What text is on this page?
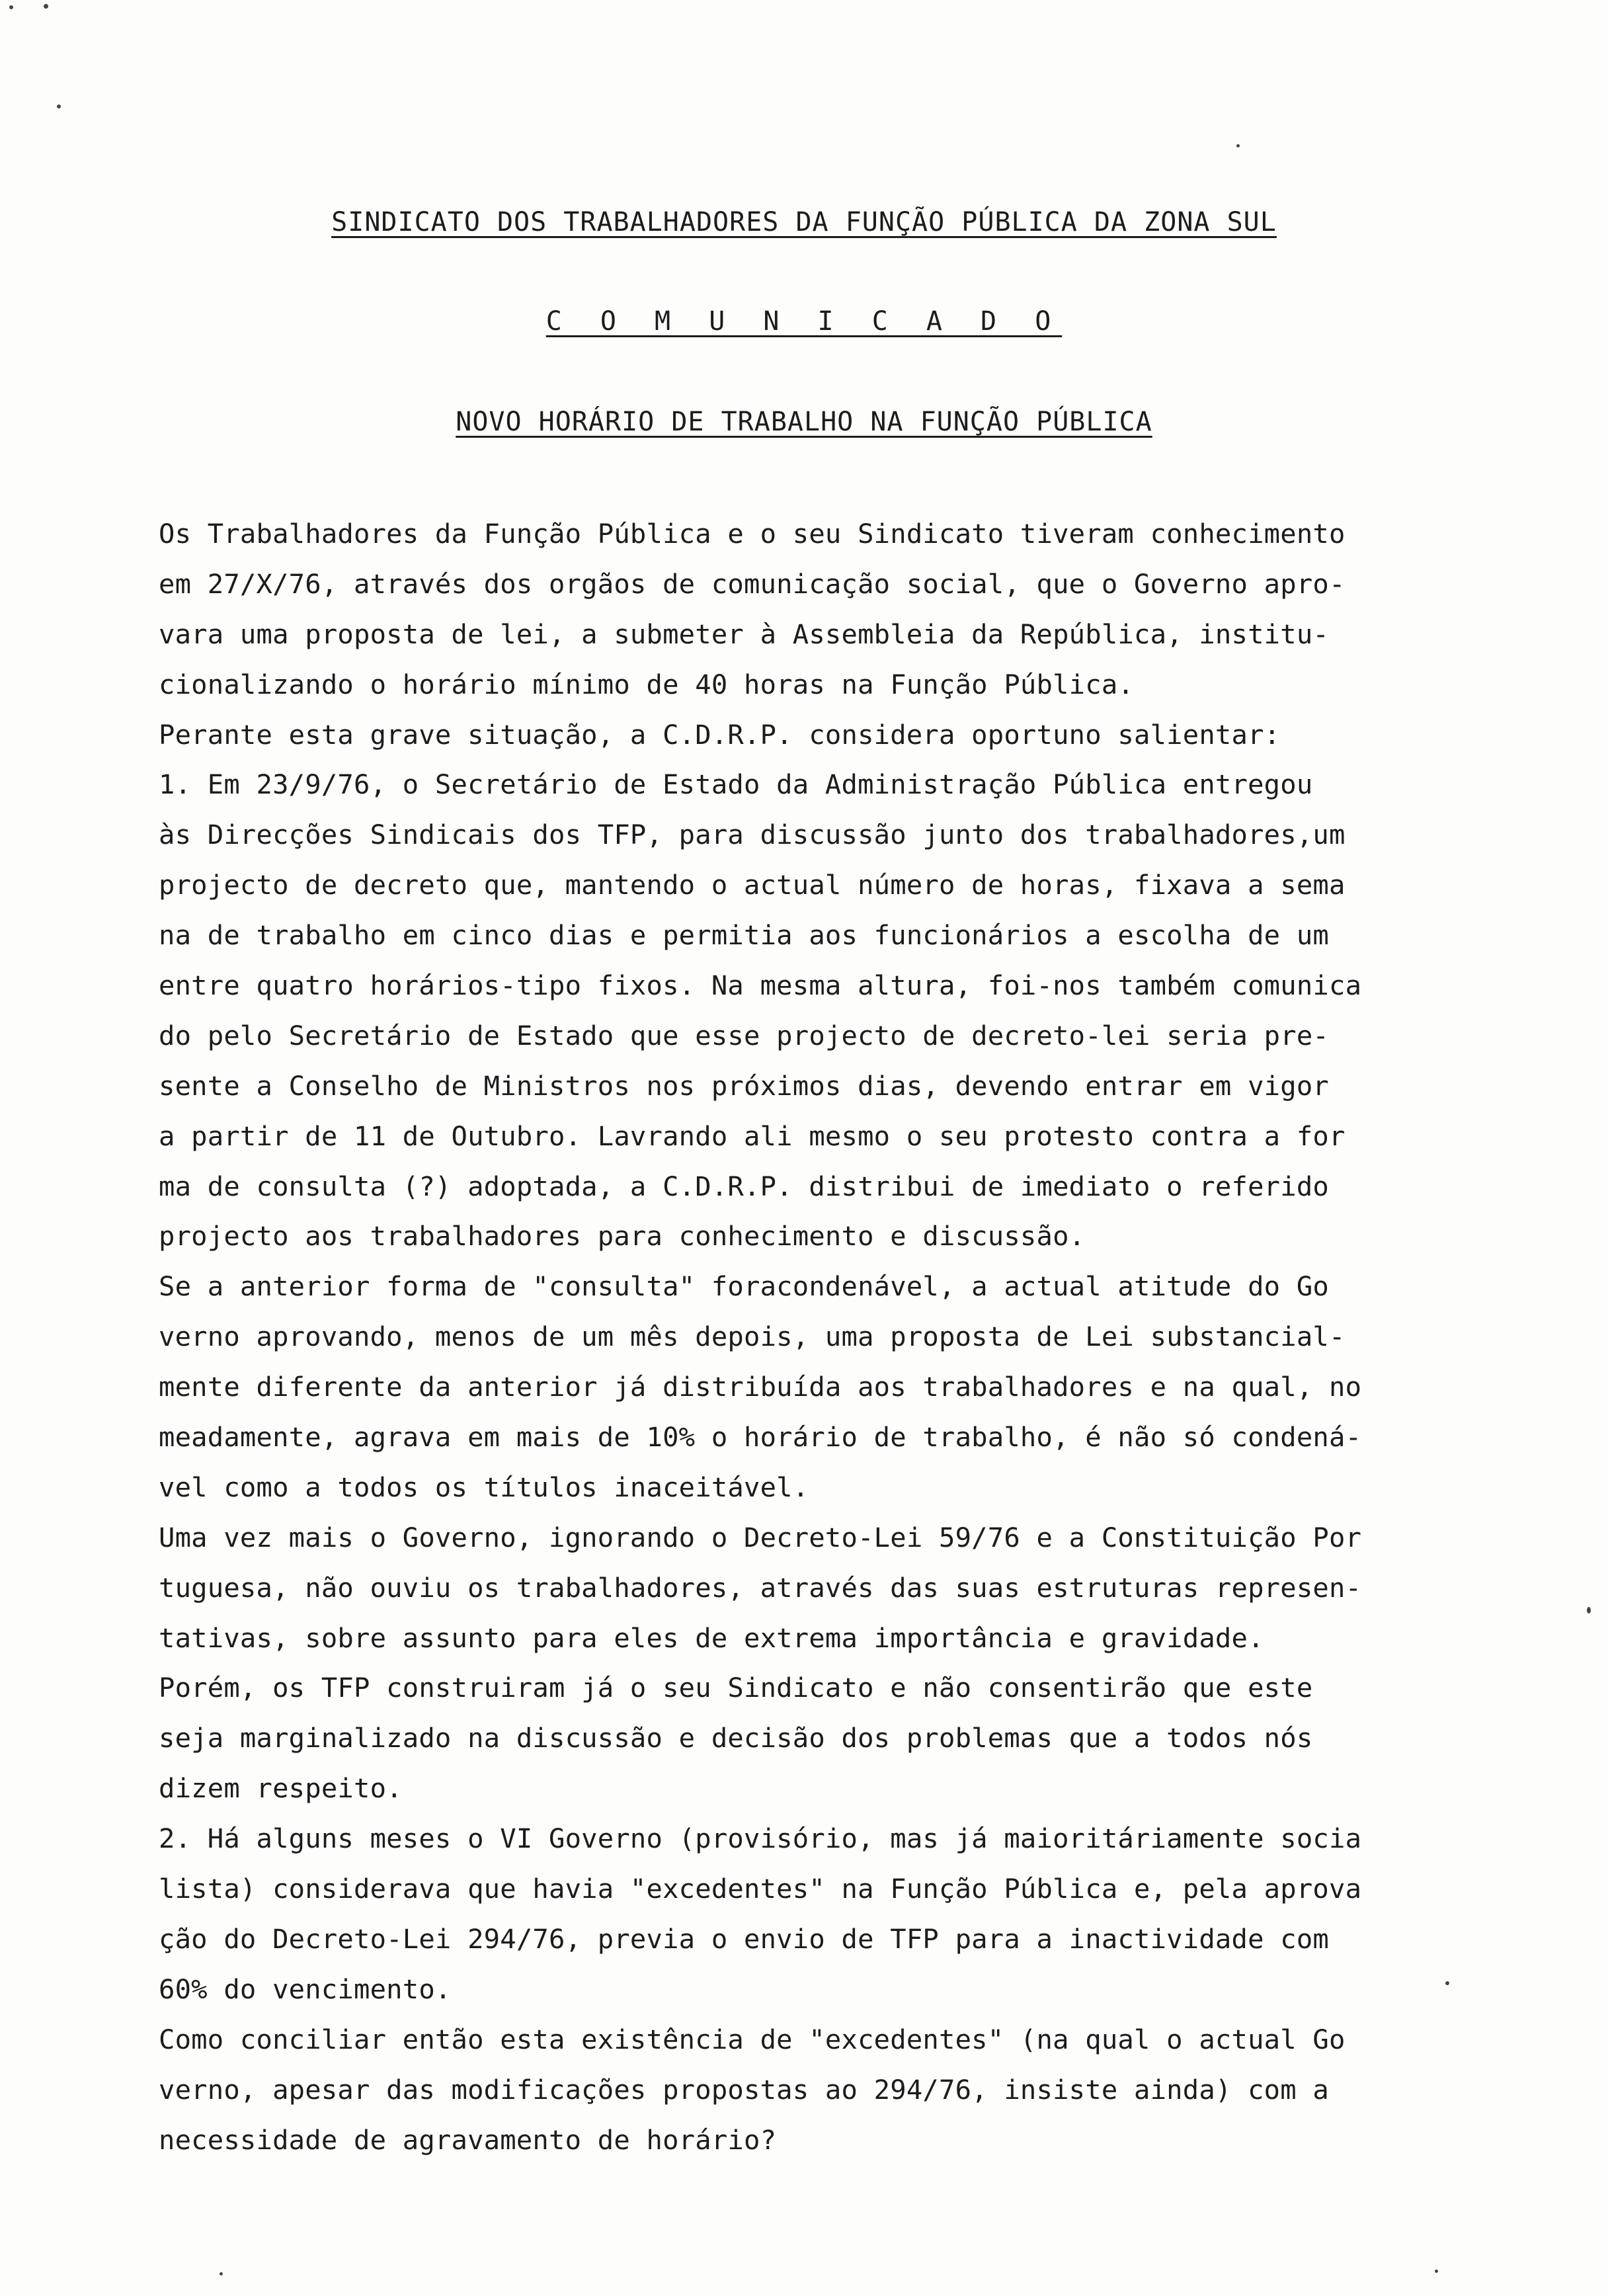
SINDICATO DOS TRABALHADORES DA FUNÇÃO PÚBLICA DA ZONA SUL
C O M U N I C A D O
NOVO HORÁRIO DE TRABALHO NA FUNÇÃO PÚBLICA
Os Trabalhadores da Função Pública e o seu Sindicato tiveram conhecimento
em 27/X/76, através dos orgãos de comunicação social, que o Governo apro-
vara uma proposta de lei, a submeter à Assembleia da República, institu-
cionalizando o horário mínimo de 40 horas na Função Pública.
Perante esta grave situação, a C.D.R.P. considera oportuno salientar:
1. Em 23/9/76, o Secretário de Estado da Administração Pública entregou
às Direcções Sindicais dos TFP, para discussão junto dos trabalhadores,um
projecto de decreto que, mantendo o actual número de horas, fixava a sema
na de trabalho em cinco dias e permitia aos funcionários a escolha de um
entre quatro horários-tipo fixos. Na mesma altura, foi-nos também comunica
do pelo Secretário de Estado que esse projecto de decreto-lei seria pre-
sente a Conselho de Ministros nos próximos dias, devendo entrar em vigor
a partir de 11 de Outubro. Lavrando ali mesmo o seu protesto contra a for
ma de consulta (?) adoptada, a C.D.R.P. distribui de imediato o referido
projecto aos trabalhadores para conhecimento e discussão.
Se a anterior forma de "consulta" foracondenável, a actual atitude do Go
verno aprovando, menos de um mês depois, uma proposta de Lei substancial-
mente diferente da anterior já distribuída aos trabalhadores e na qual, no
meadamente, agrava em mais de 10% o horário de trabalho, é não só condená-
vel como a todos os títulos inaceitável.
Uma vez mais o Governo, ignorando o Decreto-Lei 59/76 e a Constituição Por
tuguesa, não ouviu os trabalhadores, através das suas estruturas represen-
tativas, sobre assunto para eles de extrema importância e gravidade.
Porém, os TFP construiram já o seu Sindicato e não consentirão que este
seja marginalizado na discussão e decisão dos problemas que a todos nós
dizem respeito.
2. Há alguns meses o VI Governo (provisório, mas já maioritáriamente socia
lista) considerava que havia "excedentes" na Função Pública e, pela aprova
ção do Decreto-Lei 294/76, previa o envio de TFP para a inactividade com
60% do vencimento.
Como conciliar então esta existência de "excedentes" (na qual o actual Go
verno, apesar das modificações propostas ao 294/76, insiste ainda) com a
necessidade de agravamento de horário?
